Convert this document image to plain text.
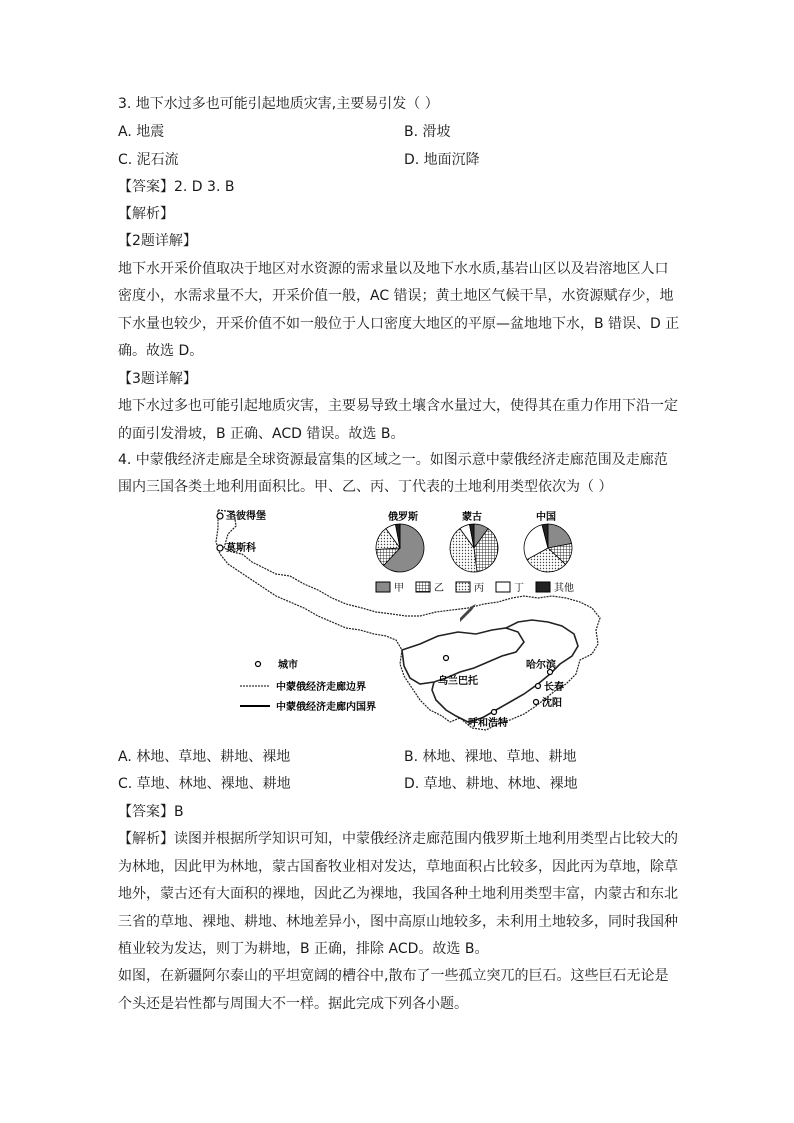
3. 地下水过多也可能引起地质灾害,主要易引发（ ）
A. 地震	B. 滑坡
C. 泥石流	D. 地面沉降
【答案】2. D 3. B
【解析】
【2题详解】
地下水开采价值取决于地区对水资源的需求量以及地下水水质,基岩山区以及岩溶地区人口
密度小，水需求量不大，开采价值一般，AC 错误；黄土地区气候干旱，水资源赋存少，地
下水量也较少，开采价值不如一般位于人口密度大地区的平原—盆地地下水，B 错误、D 正
确。故选 D。
【3题详解】
地下水过多也可能引起地质灾害，主要易导致土壤含水量过大，使得其在重力作用下沿一定
的面引发滑坡，B 正确、ACD 错误。故选 B。
4. 中蒙俄经济走廊是全球资源最富集的区域之一。如图示意中蒙俄经济走廊范围及走廊范
围内三国各类土地利用面积比。甲、乙、丙、丁代表的土地利用类型依次为（ ）
圣彼得堡
莫斯科
乌兰巴托
哈尔滨
长春
沈阳
呼和浩特
俄罗斯	蒙古	中国
甲	乙	丙	丁	其他
城市
中蒙俄经济走廊边界
中蒙俄经济走廊内国界
A. 林地、草地、耕地、裸地	B. 林地、裸地、草地、耕地
C. 草地、林地、裸地、耕地	D. 草地、耕地、林地、裸地
【答案】B
【解析】读图并根据所学知识可知，中蒙俄经济走廊范围内俄罗斯土地利用类型占比较大的
为林地，因此甲为林地，蒙古国畜牧业相对发达，草地面积占比较多，因此丙为草地，除草
地外，蒙古还有大面积的裸地，因此乙为裸地，我国各种土地利用类型丰富，内蒙古和东北
三省的草地、裸地、耕地、林地差异小，图中高原山地较多，未利用土地较多，同时我国种
植业较为发达，则丁为耕地，B 正确，排除 ACD。故选 B。
如图，在新疆阿尔泰山的平坦宽阔的槽谷中,散布了一些孤立突兀的巨石。这些巨石无论是
个头还是岩性都与周围大不一样。据此完成下列各小题。
